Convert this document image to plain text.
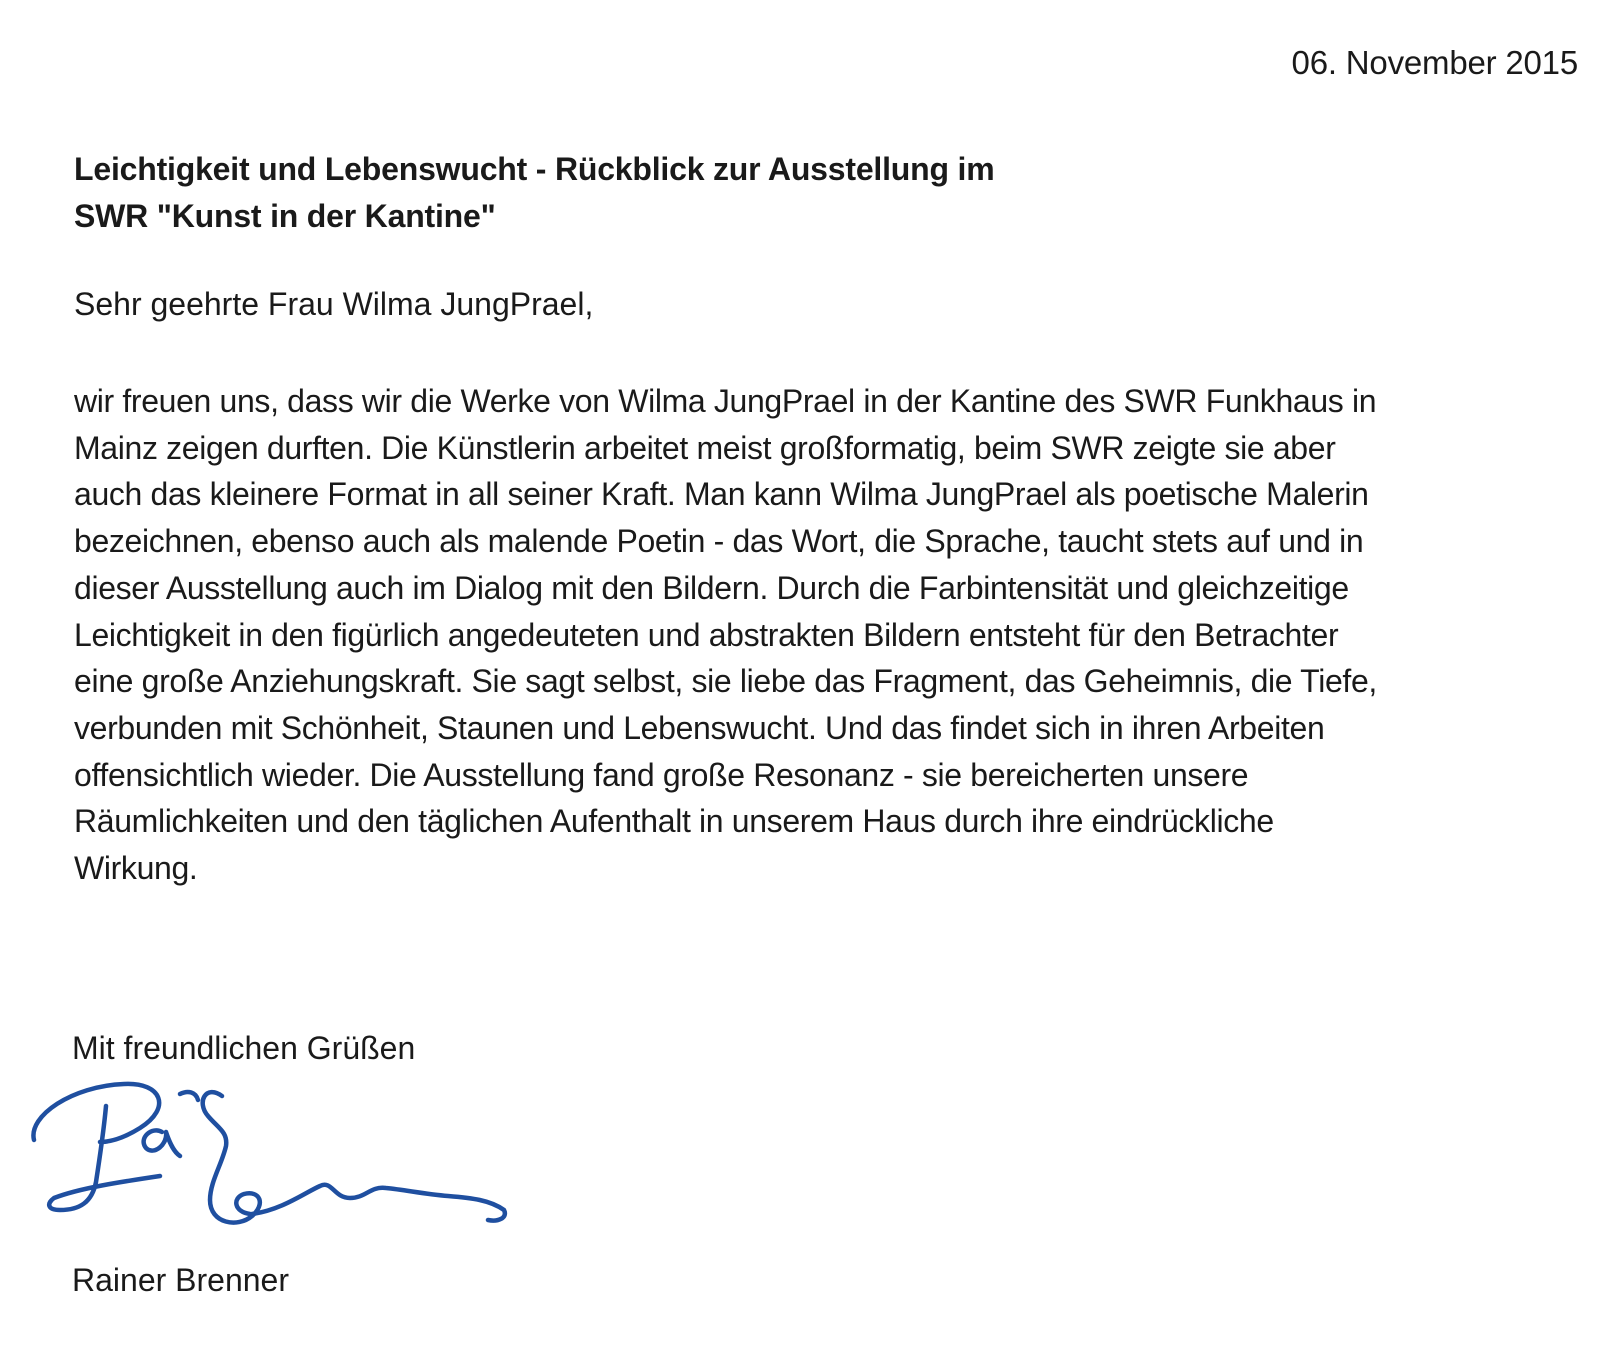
06. November 2015
Leichtigkeit und Lebenswucht - Rückblick zur Ausstellung im
SWR "Kunst in der Kantine"
Sehr geehrte Frau Wilma JungPrael,
wir freuen uns, dass wir die Werke von Wilma JungPrael in der Kantine des SWR Funkhaus in
Mainz zeigen durften. Die Künstlerin arbeitet meist großformatig, beim SWR zeigte sie aber
auch das kleinere Format in all seiner Kraft. Man kann Wilma JungPrael als poetische Malerin
bezeichnen, ebenso auch als malende Poetin - das Wort, die Sprache, taucht stets auf und in
dieser Ausstellung auch im Dialog mit den Bildern. Durch die Farbintensität und gleichzeitige
Leichtigkeit in den figürlich angedeuteten und abstrakten Bildern entsteht für den Betrachter
eine große Anziehungskraft. Sie sagt selbst, sie liebe das Fragment, das Geheimnis, die Tiefe,
verbunden mit Schönheit, Staunen und Lebenswucht. Und das findet sich in ihren Arbeiten
offensichtlich wieder. Die Ausstellung fand große Resonanz - sie bereicherten unsere
Räumlichkeiten und den täglichen Aufenthalt in unserem Haus durch ihre eindrückliche
Wirkung.
Mit freundlichen Grüßen
Rainer Brenner
